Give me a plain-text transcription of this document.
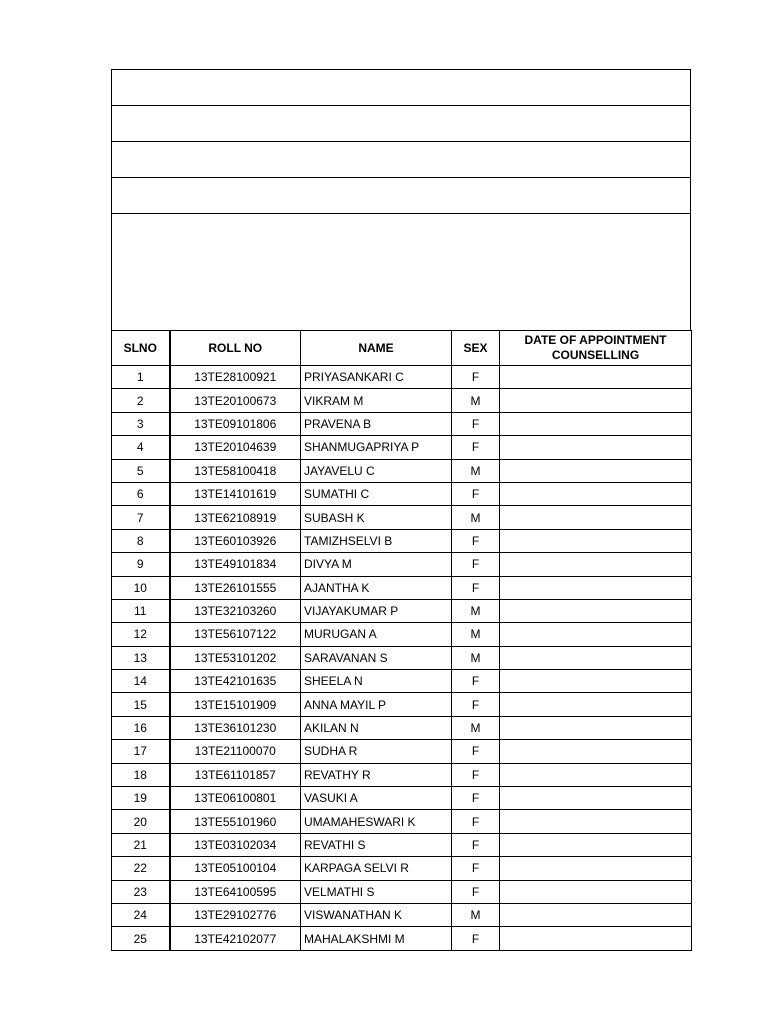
SLNO	ROLL NO	NAME	SEX	DATE OF APPOINTMENT
COUNSELLING
1	13TE28100921	PRIYASANKARI C	F	
2	13TE20100673	VIKRAM M	M	
3	13TE09101806	PRAVENA B	F	
4	13TE20104639	SHANMUGAPRIYA P	F	
5	13TE58100418	JAYAVELU C	M	
6	13TE14101619	SUMATHI C	F	
7	13TE62108919	SUBASH K	M	
8	13TE60103926	TAMIZHSELVI B	F	
9	13TE49101834	DIVYA M	F	
10	13TE26101555	AJANTHA K	F	
11	13TE32103260	VIJAYAKUMAR P	M	
12	13TE56107122	MURUGAN A	M	
13	13TE53101202	SARAVANAN S	M	
14	13TE42101635	SHEELA N	F	
15	13TE15101909	ANNA MAYIL P	F	
16	13TE36101230	AKILAN N	M	
17	13TE21100070	SUDHA R	F	
18	13TE61101857	REVATHY R	F	
19	13TE06100801	VASUKI A	F	
20	13TE55101960	UMAMAHESWARI K	F	
21	13TE03102034	REVATHI S	F	
22	13TE05100104	KARPAGA SELVI R	F	
23	13TE64100595	VELMATHI S	F	
24	13TE29102776	VISWANATHAN K	M	
25	13TE42102077	MAHALAKSHMI M	F	
